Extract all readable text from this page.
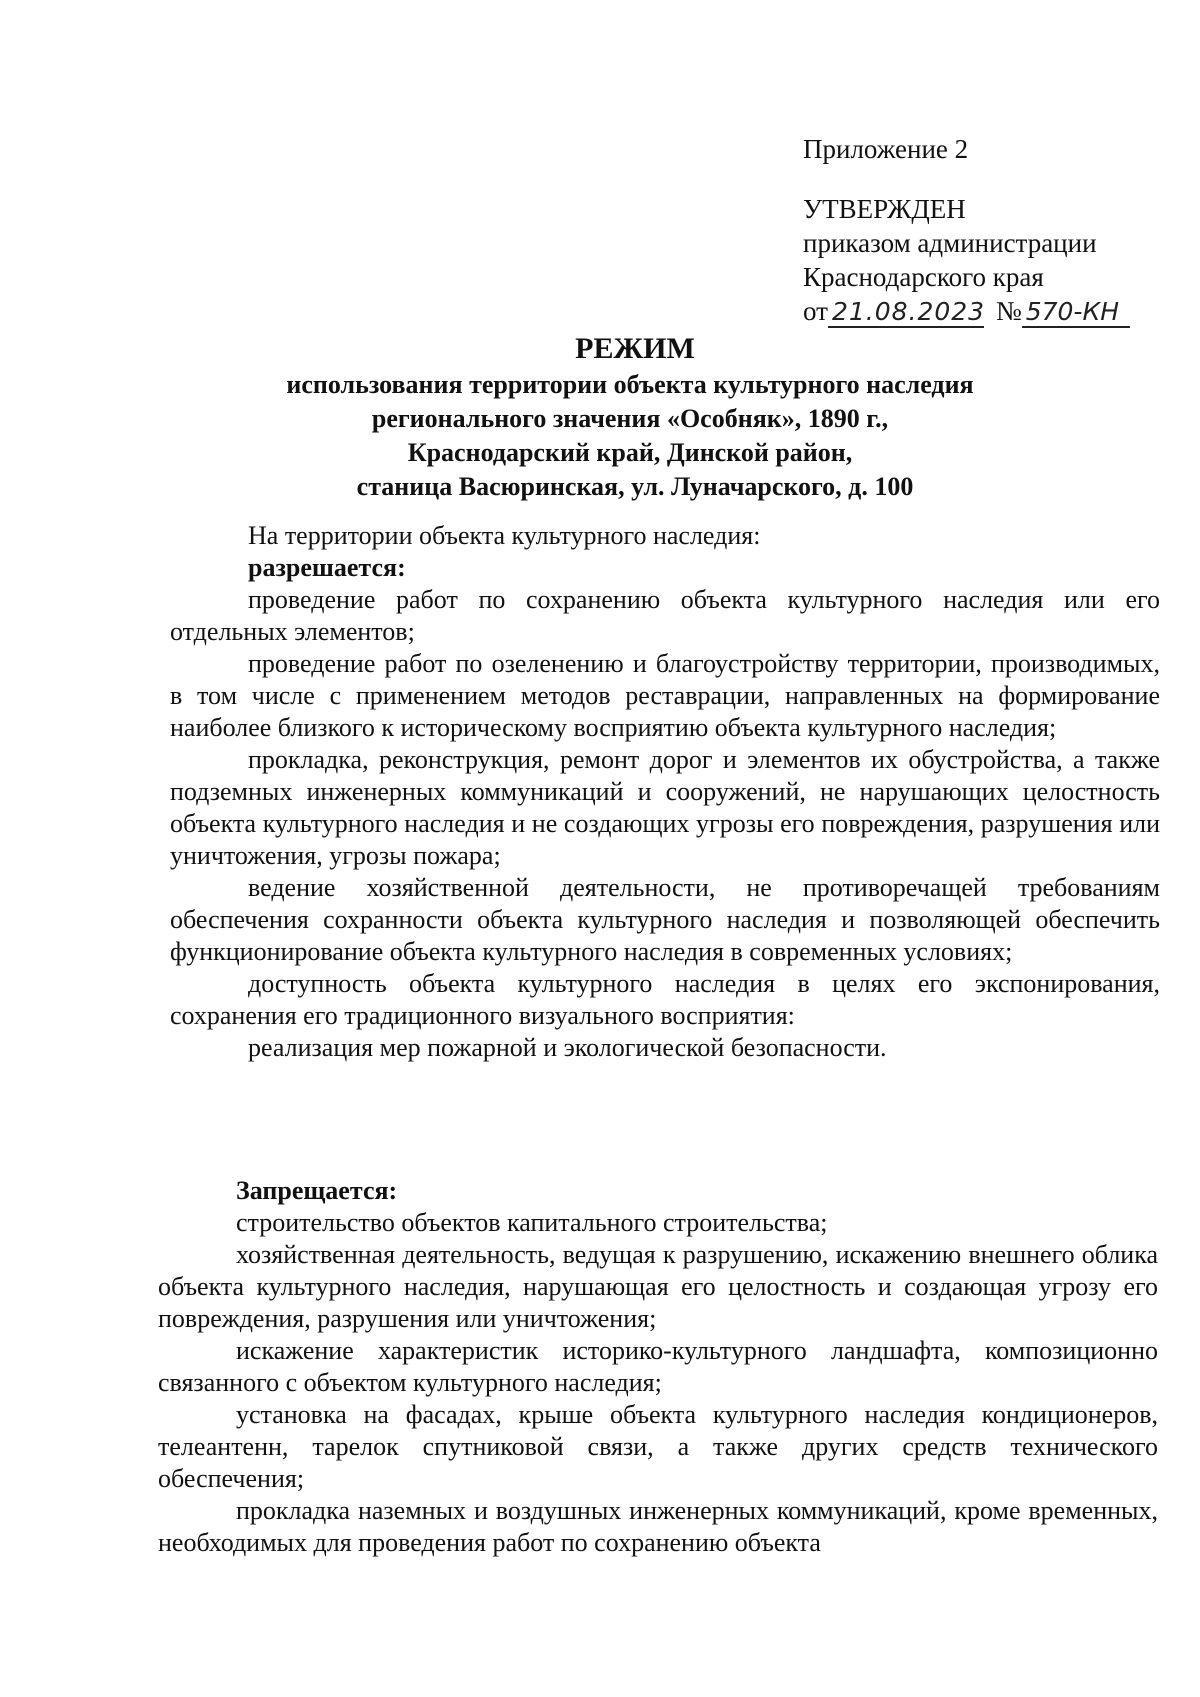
Приложение 2
УТВЕРЖДЕН
приказом администрации
Краснодарского края
от 21.08.2023 № 570-КН
РЕЖИМ
использования территории объекта культурного наследия
регионального значения «Особняк», 1890 г.,
Краснодарский край, Динской район,
станица Васюринская, ул. Луначарского, д. 100

На территории объекта культурного наследия:

разрешается:

проведение работ по сохранению объекта культурного наследия или его отдельных элементов;

проведение работ по озеленению и благоустройству территории, производимых, в том числе с применением методов реставрации, направленных на формирование наиболее близкого к историческому восприятию объекта культурного наследия;

прокладка, реконструкция, ремонт дорог и элементов их обустройства, а также подземных инженерных коммуникаций и сооружений, не нарушающих целостность объекта культурного наследия и не создающих угрозы его повреждения, разрушения или уничтожения, угрозы пожара;

ведение хозяйственной деятельности, не противоречащей требованиям обеспечения сохранности объекта культурного наследия и позволяющей обеспечить функционирование объекта культурного наследия в современных условиях;

доступность объекта культурного наследия в целях его экспонирования, сохранения его традиционного визуального восприятия:

реализация мер пожарной и экологической безопасности.

Запрещается:

строительство объектов капитального строительства;

хозяйственная деятельность, ведущая к разрушению, искажению внешнего облика объекта культурного наследия, нарушающая его целостность и создающая угрозу его повреждения, разрушения или уничтожения;

искажение характеристик историко-культурного ландшафта, композиционно связанного с объектом культурного наследия;

установка на фасадах, крыше объекта культурного наследия кондиционеров, телеантенн, тарелок спутниковой связи, а также других средств технического обеспечения;

прокладка наземных и воздушных инженерных коммуникаций, кроме временных, необходимых для проведения работ по сохранению объекта
